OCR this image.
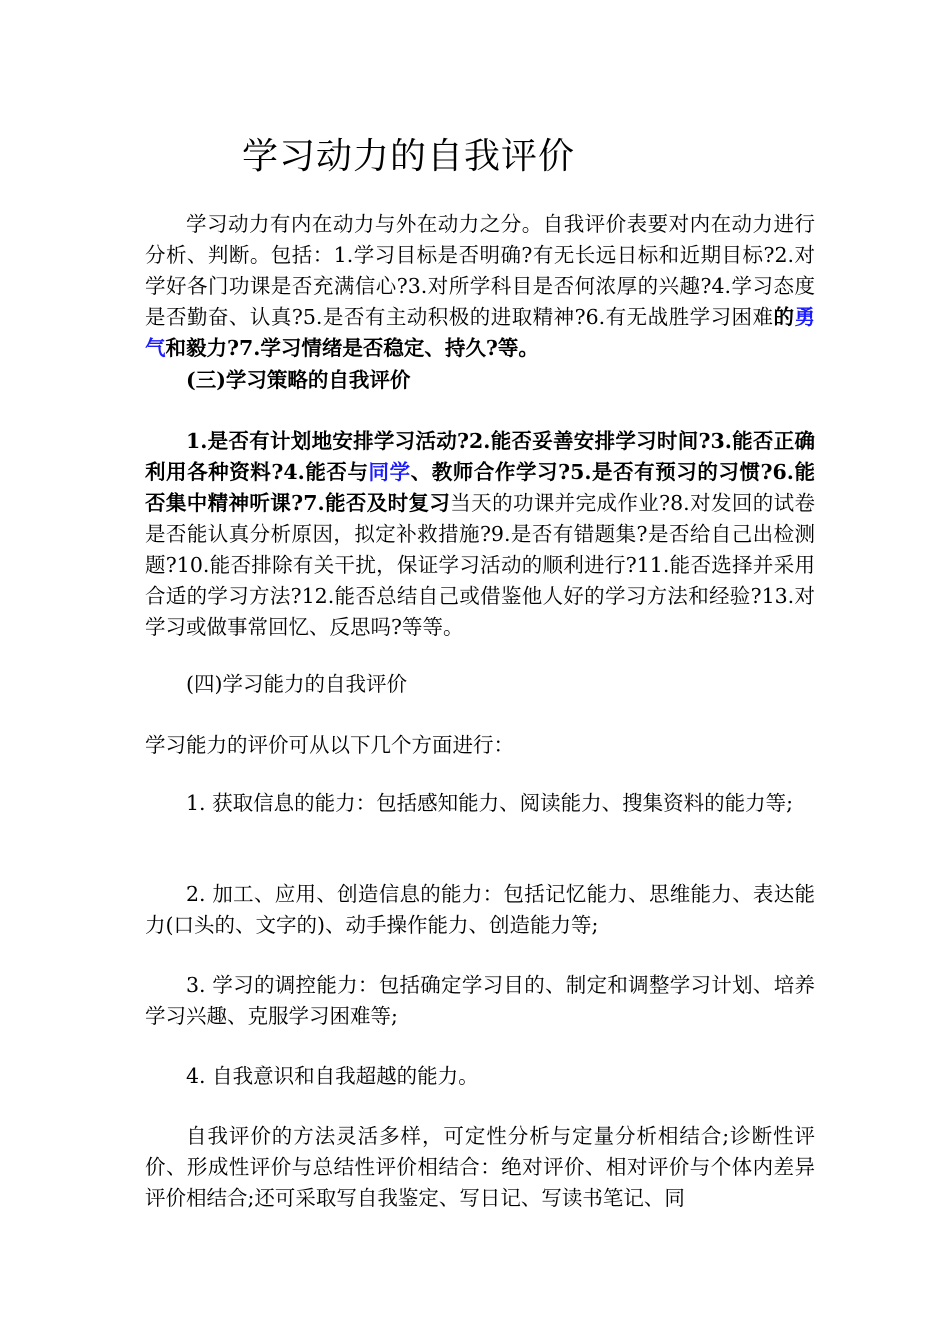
学习动力的自我评价

学习动力有内在动力与外在动力之分。自我评价表要对内在动力进行分析、判断。包括：1.学习目标是否明确?有无长远日标和近期目标?2.对学好各门功课是否充满信心?3.对所学科目是否何浓厚的兴趣?4.学习态度是否勤奋、认真?5.是否有主动积极的进取精神?6.有无战胜学习困难的勇气和毅力?7.学习情绪是否稳定、持久?等。

(三)学习策略的自我评价

1.是否有计划地安排学习活动?2.能否妥善安排学习时间?3.能否正确利用各种资料?4.能否与同学、教师合作学习?5.是否有预习的习惯?6.能否集中精神听课?7.能否及时复习当天的功课并完成作业?8.对发回的试卷是否能认真分析原因，拟定补救措施?9.是否有错题集?是否给自己出检测题?10.能否排除有关干扰，保证学习活动的顺利进行?11.能否选择并采用合适的学习方法?12.能否总结自己或借鉴他人好的学习方法和经验?13.对学习或做事常回忆、反思吗?等等。

(四)学习能力的自我评价

学习能力的评价可从以下几个方面进行：

1. 获取信息的能力：包括感知能力、阅读能力、搜集资料的能力等;

2. 加工、应用、创造信息的能力：包括记忆能力、思维能力、表达能力(口头的、文字的)、动手操作能力、创造能力等;

3. 学习的调控能力：包括确定学习目的、制定和调整学习计划、培养学习兴趣、克服学习困难等;

4. 自我意识和自我超越的能力。

自我评价的方法灵活多样，可定性分析与定量分析相结合;诊断性评价、形成性评价与总结性评价相结合：绝对评价、相对评价与个体内差异评价相结合;还可采取写自我鉴定、写日记、写读书笔记、同
